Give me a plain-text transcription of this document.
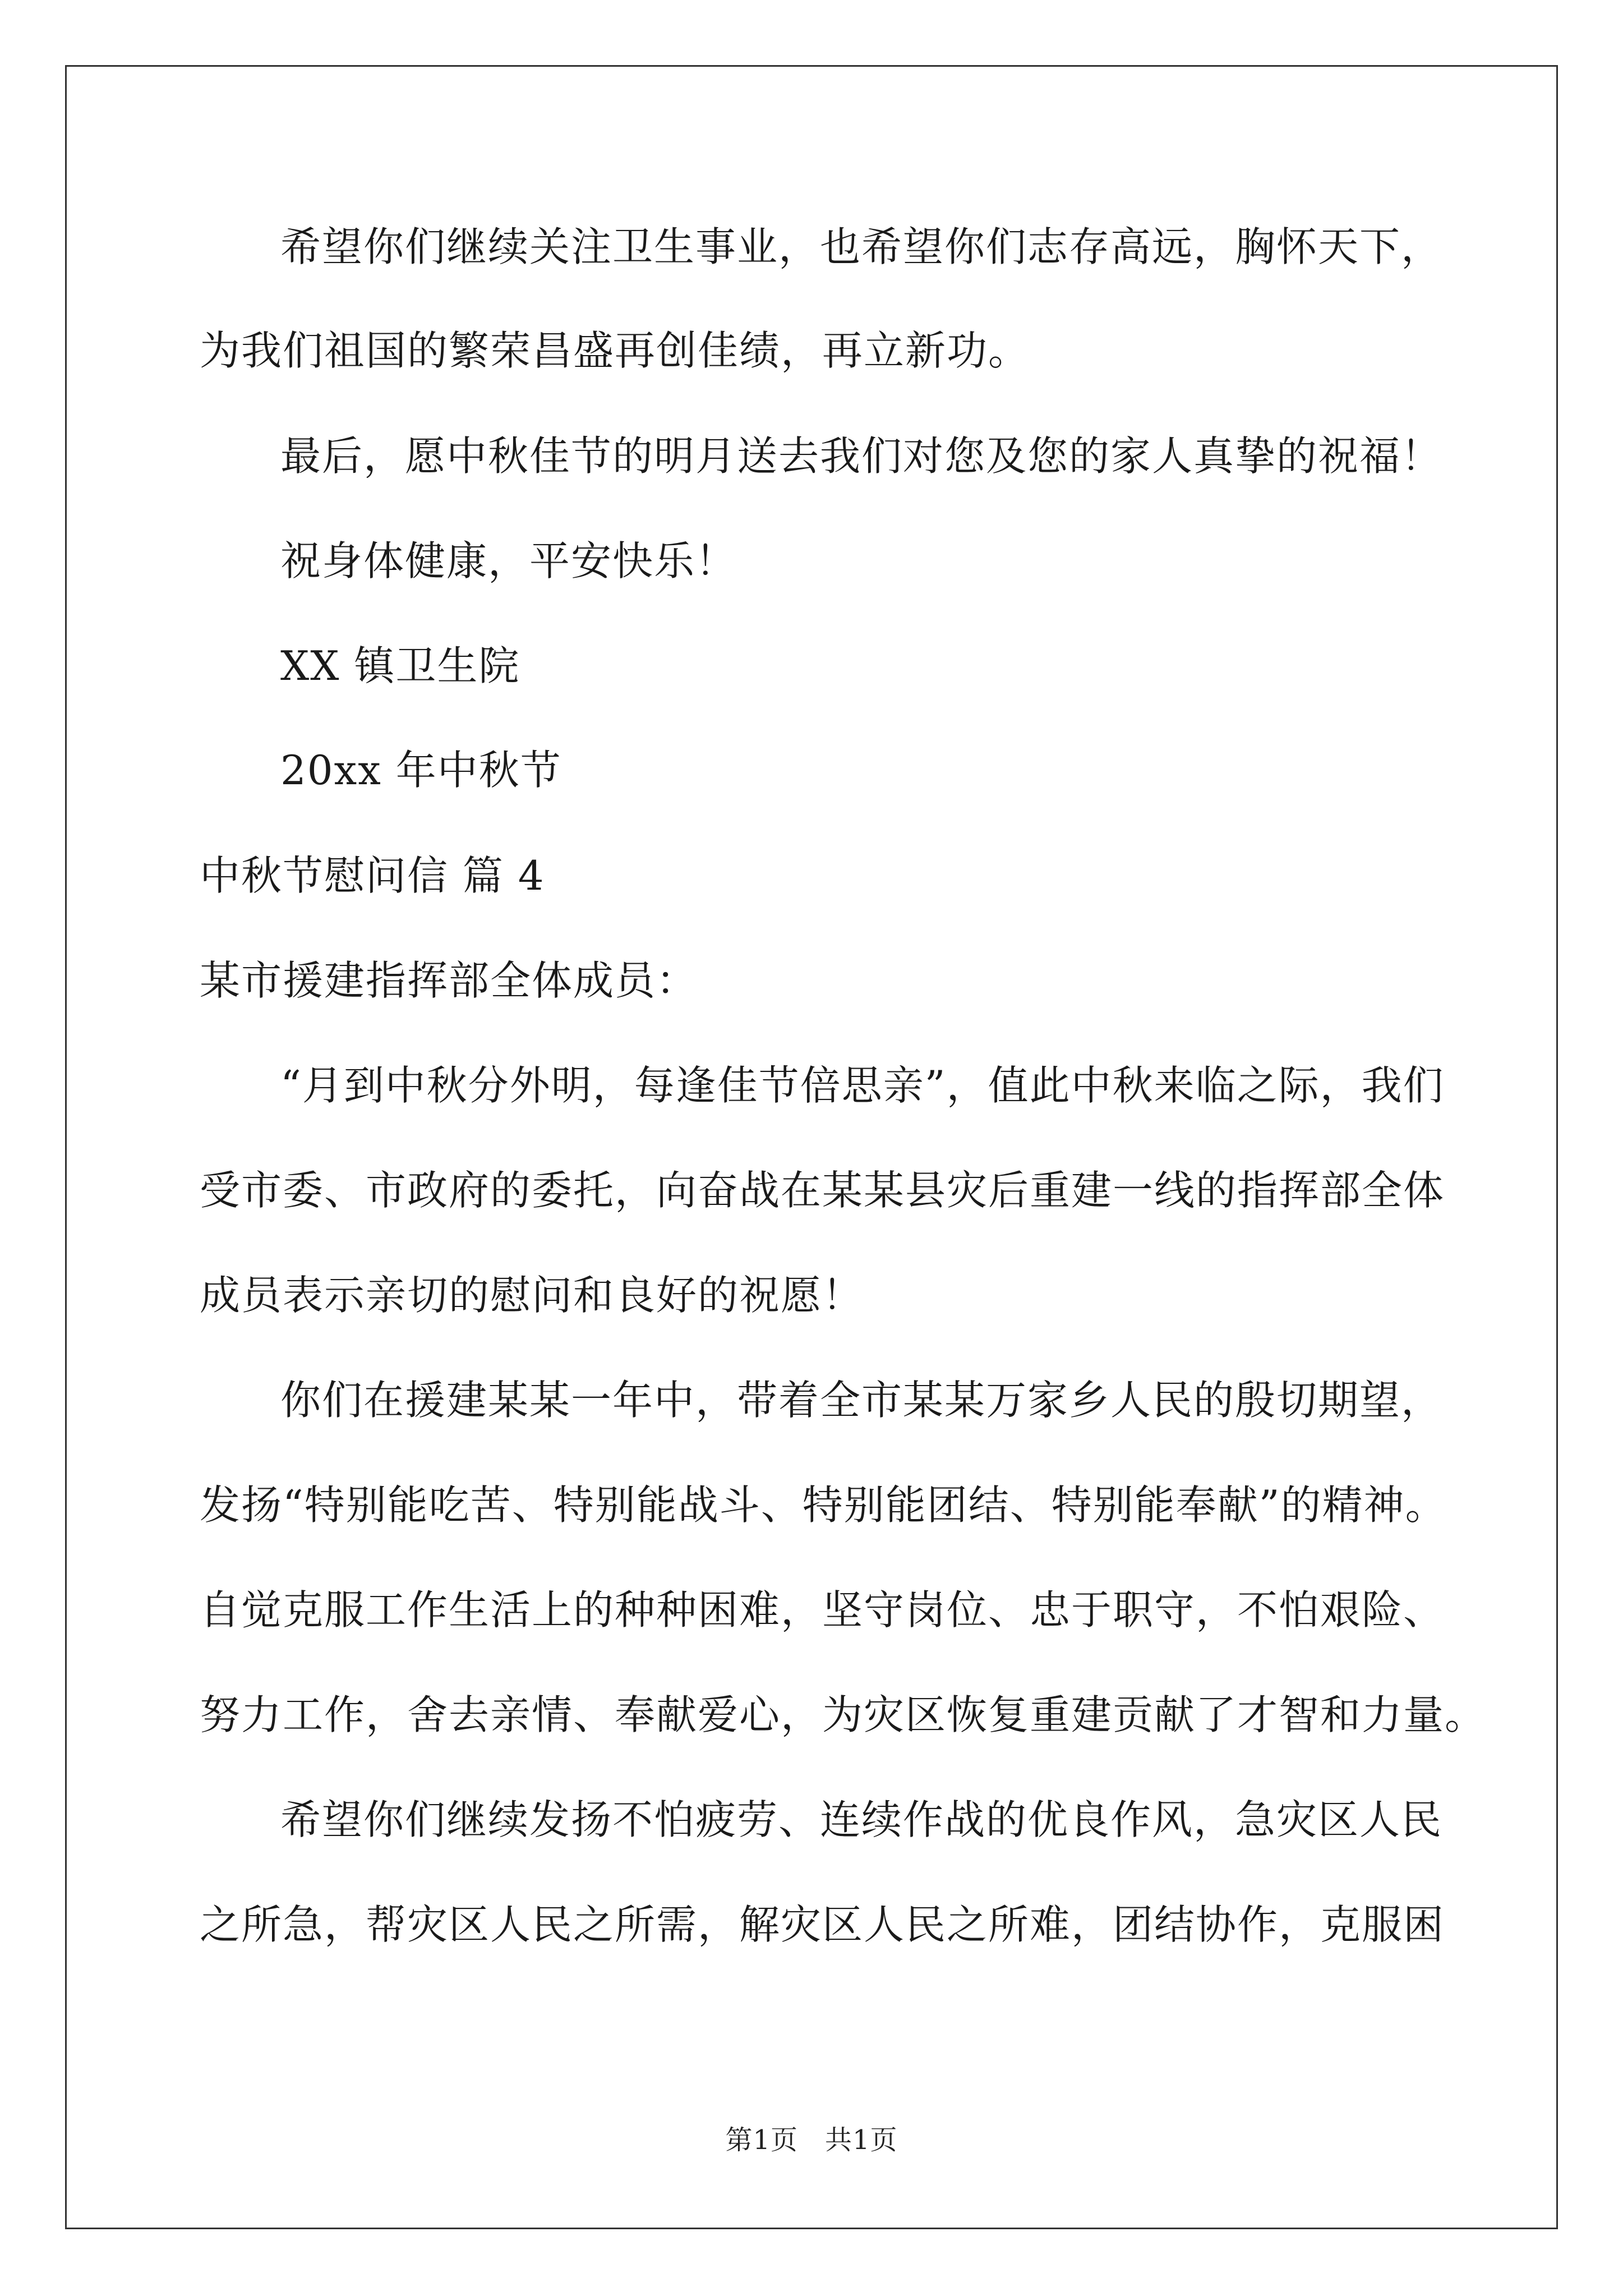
希望你们继续关注卫生事业，也希望你们志存高远，胸怀天下，
为我们祖国的繁荣昌盛再创佳绩，再立新功。
最后，愿中秋佳节的明月送去我们对您及您的家人真挚的祝福！
祝身体健康，平安快乐！
XX 镇卫生院
20xx 年中秋节
中秋节慰问信 篇 4
某市援建指挥部全体成员：
“月到中秋分外明，每逢佳节倍思亲”，值此中秋来临之际，我们
受市委、市政府的委托，向奋战在某某县灾后重建一线的指挥部全体
成员表示亲切的慰问和良好的祝愿！
你们在援建某某一年中，带着全市某某万家乡人民的殷切期望，
发扬“特别能吃苦、特别能战斗、特别能团结、特别能奉献”的精神。
自觉克服工作生活上的种种困难，坚守岗位、忠于职守，不怕艰险、
努力工作，舍去亲情、奉献爱心，为灾区恢复重建贡献了才智和力量。
希望你们继续发扬不怕疲劳、连续作战的优良作风，急灾区人民
之所急，帮灾区人民之所需，解灾区人民之所难，团结协作，克服困
第1页 共1页
